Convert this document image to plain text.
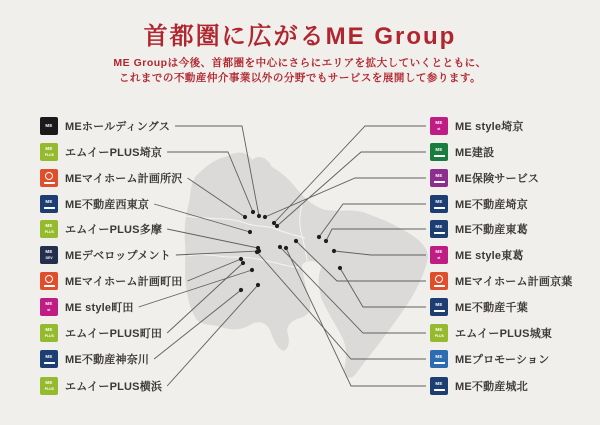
首都圏に広がるME Group
ME Groupは今後、首都圏を中心にさらにエリアを拡大していくとともに、
これまでの不動産仲介事業以外の分野でもサービスを展開して参ります。
ME MEホールディングス
ME
PLUS エムイーPLUS埼京
MEマイホーム計画所沢
ME ME不動産西東京
ME
PLUS エムイーPLUS多摩
ME
DEV MEデベロップメント
MEマイホーム計画町田
ME
st ME style町田
ME
PLUS エムイーPLUS町田
ME ME不動産神奈川
ME
PLUS エムイーPLUS横浜
ME
st ME style埼京
ME ME建設
ME ME保険サービス
ME ME不動産埼京
ME ME不動産東葛
ME
st ME style東葛
MEマイホーム計画京葉
ME ME不動産千葉
ME
PLUS エムイーPLUS城東
ME MEプロモーション
ME ME不動産城北
